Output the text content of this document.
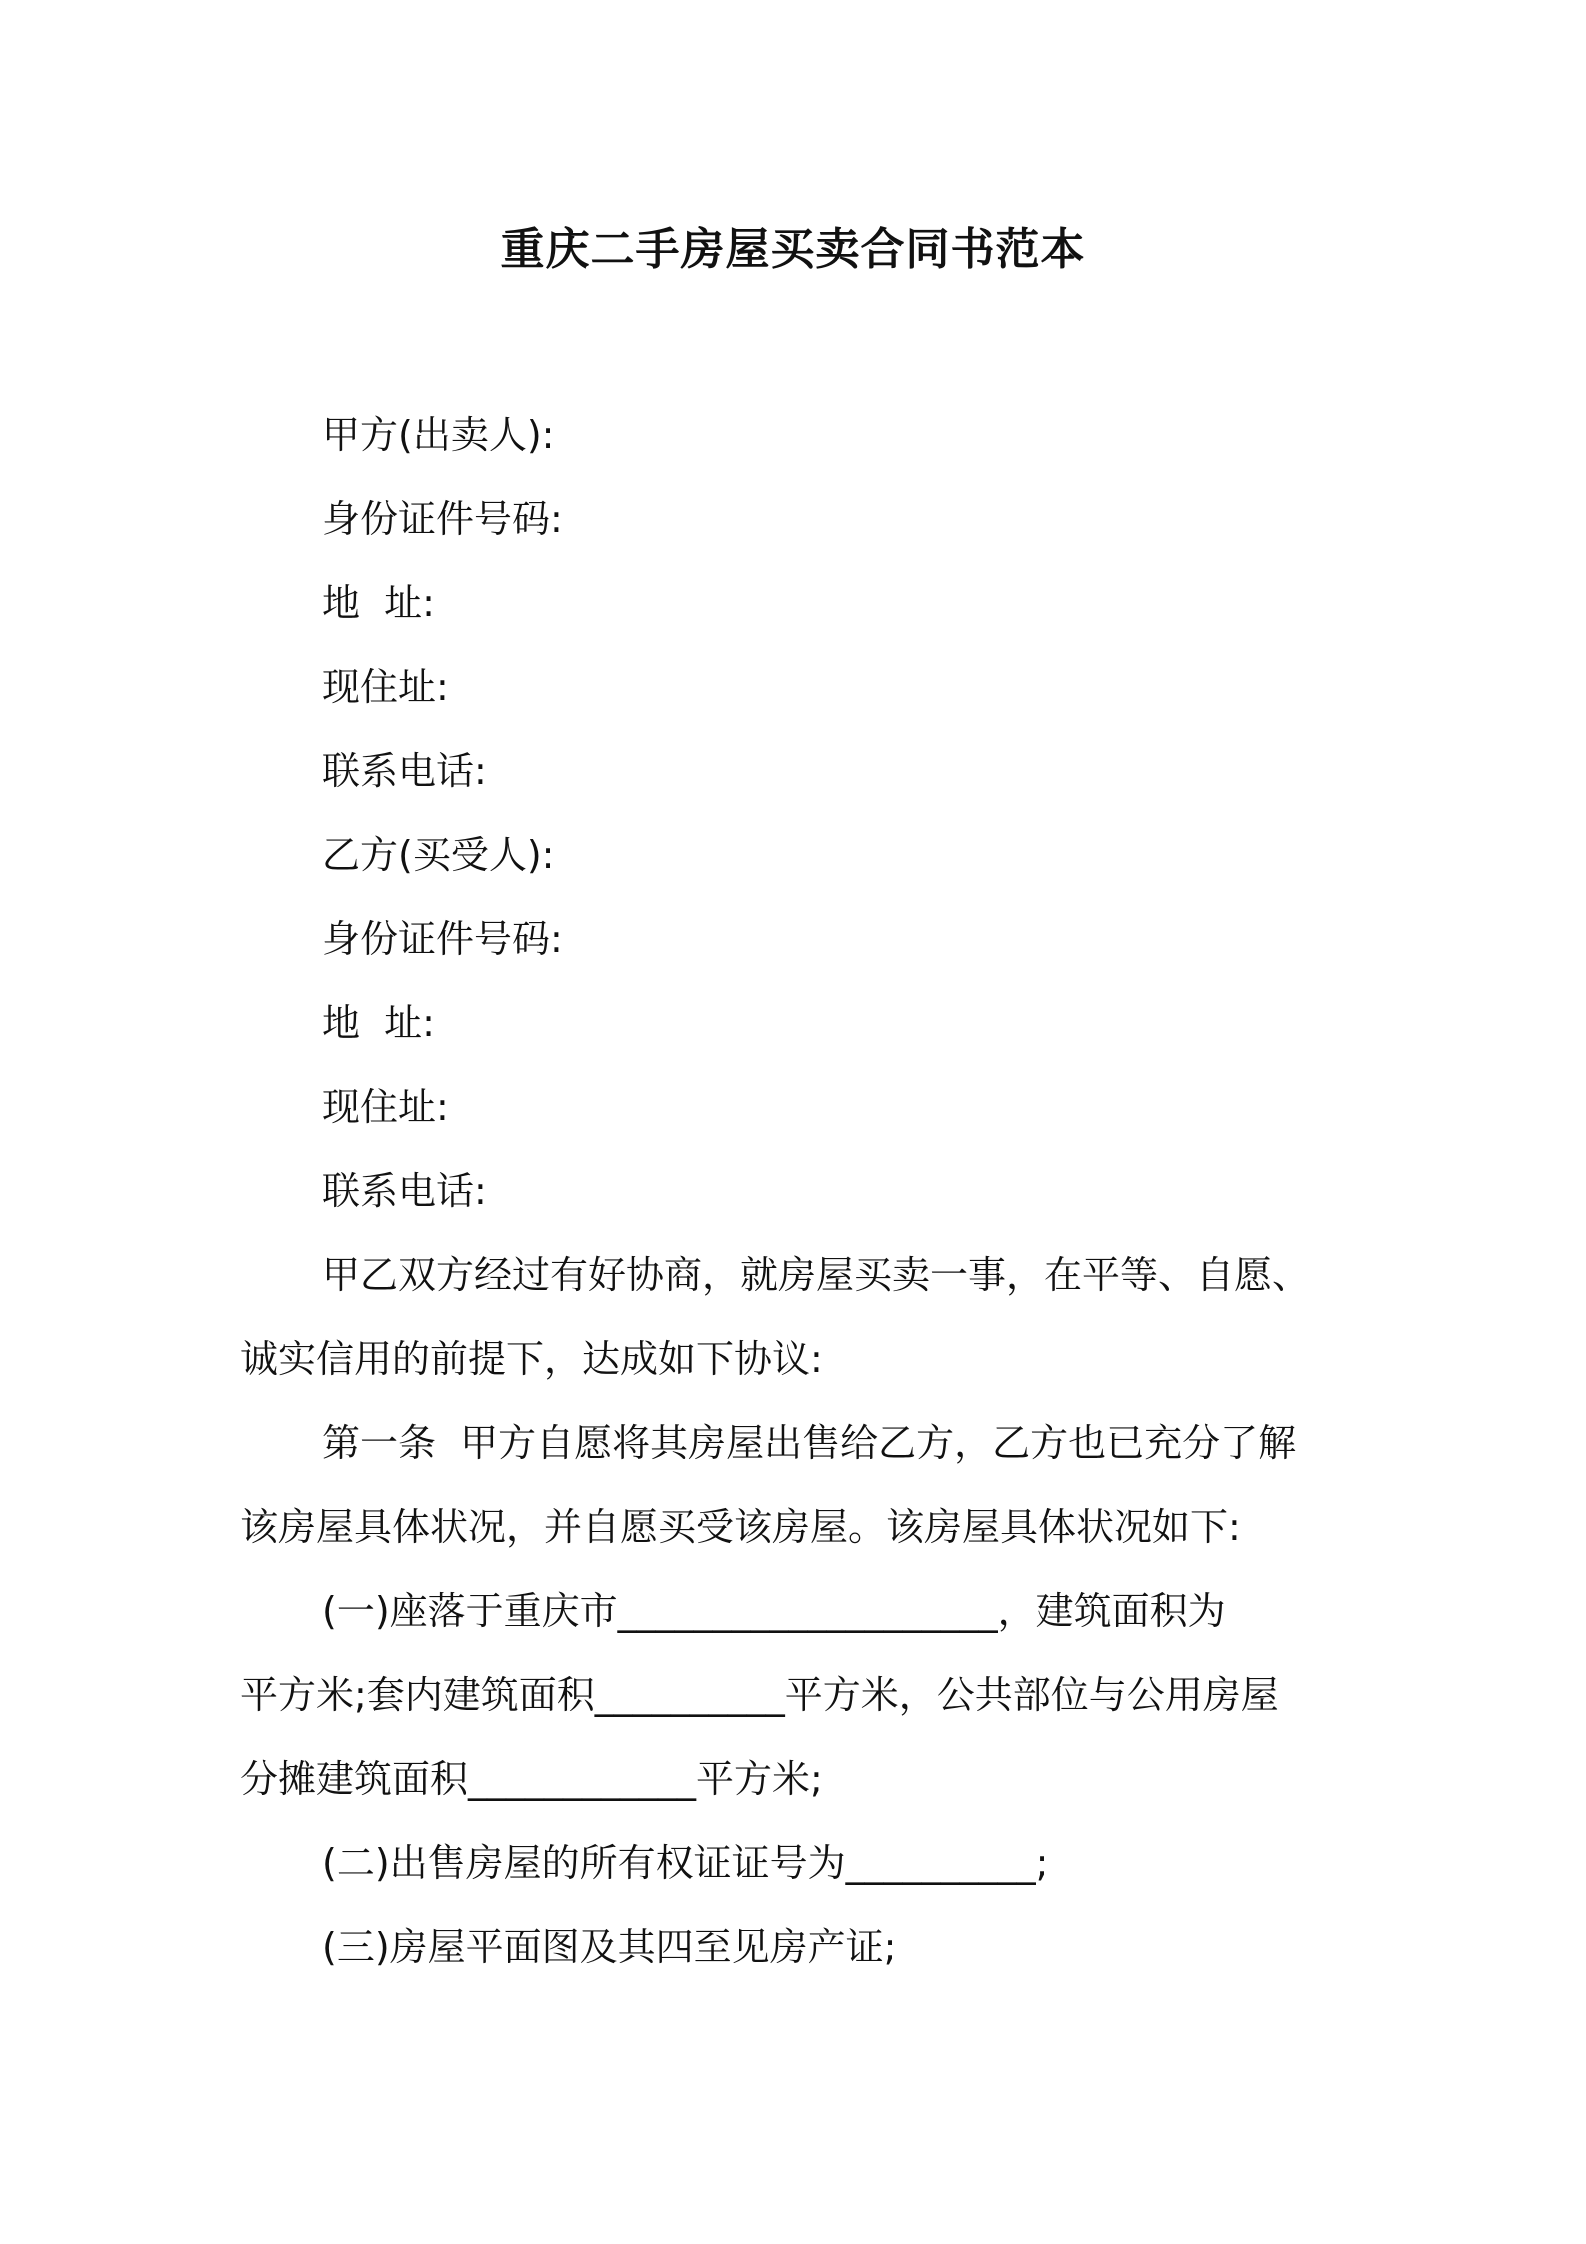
重庆二手房屋买卖合同书范本

甲方(出卖人):

身份证件号码:

地  址:

现住址:

联系电话:

乙方(买受人):

身份证件号码:

地  址:

现住址:

联系电话:

甲乙双方经过有好协商，就房屋买卖一事，在平等、自愿、

诚实信用的前提下，达成如下协议:

第一条  甲方自愿将其房屋出售给乙方，乙方也已充分了解

该房屋具体状况，并自愿买受该房屋。该房屋具体状况如下:

(一)座落于重庆市____________________，建筑面积为

平方米;套内建筑面积__________平方米，公共部位与公用房屋

分摊建筑面积____________平方米;

(二)出售房屋的所有权证证号为__________;

(三)房屋平面图及其四至见房产证;
